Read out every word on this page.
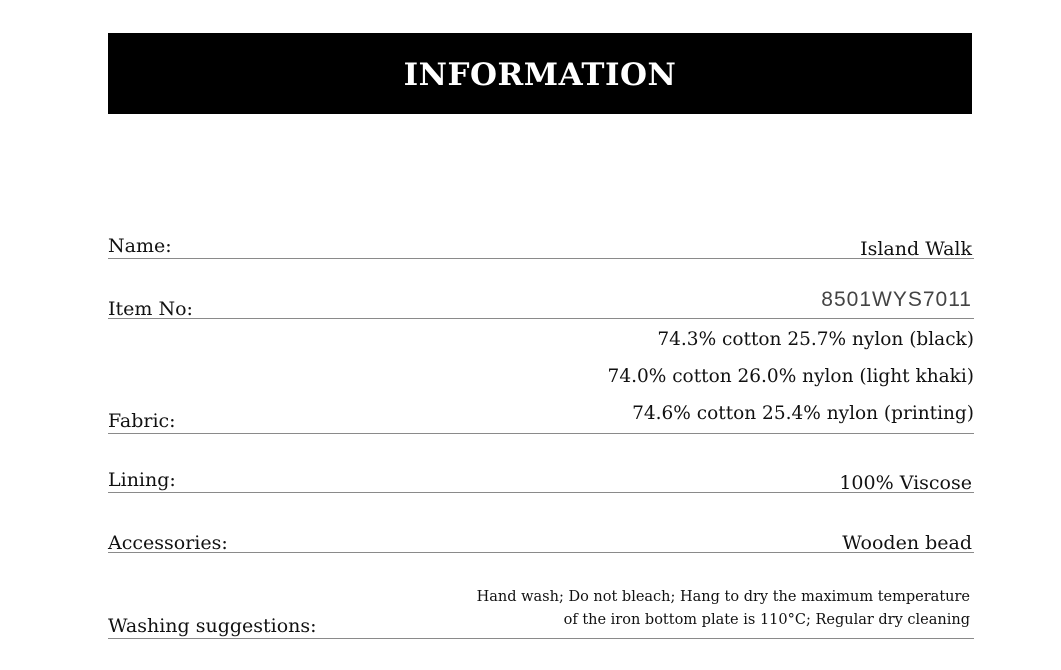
INFORMATION
Name:	Island Walk
Item No:	8501WYS7011
Fabric:
74.3% cotton 25.7% nylon (black)
74.0% cotton 26.0% nylon (light khaki)
74.6% cotton 25.4% nylon (printing)
Lining:	100% Viscose
Accessories:	Wooden bead
Washing suggestions:
Hand wash; Do not bleach; Hang to dry the maximum temperature
of the iron bottom plate is 110°C; Regular dry cleaning
